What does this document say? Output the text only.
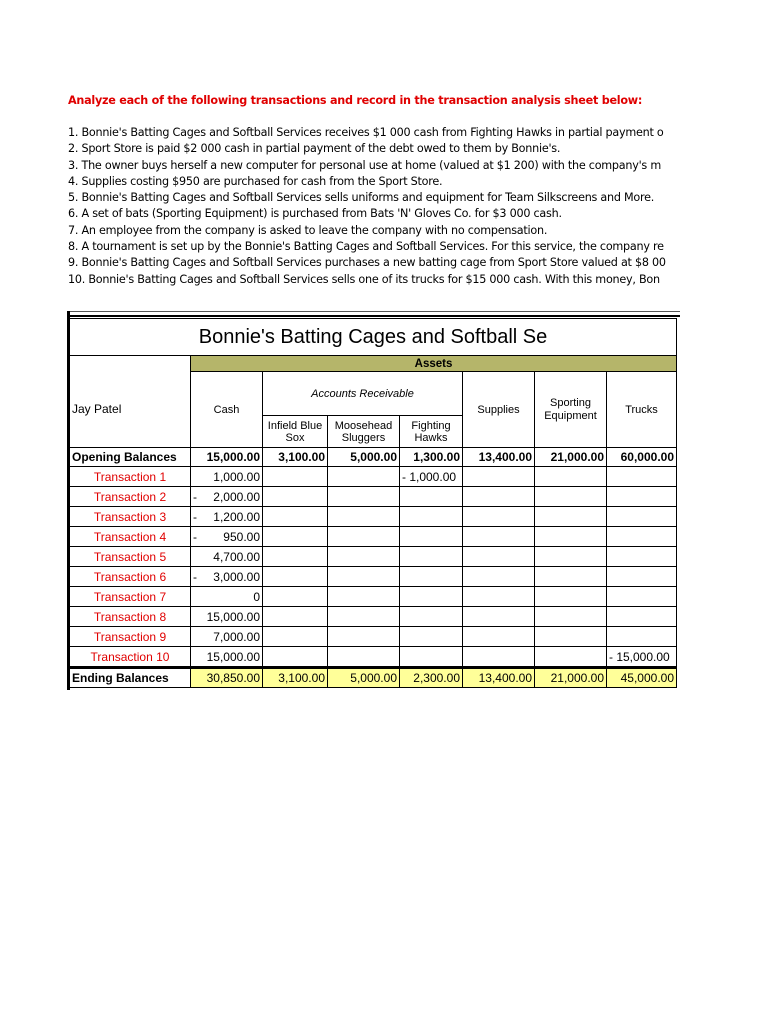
Analyze each of the following transactions and record in the transaction analysis sheet below:
1. Bonnie's Batting Cages and Softball Services receives $1 000 cash from Fighting Hawks in partial payment o
2. Sport Store is paid $2 000 cash in partial payment of the debt owed to them by Bonnie's.
3. The owner buys herself a new computer for personal use at home (valued at $1 200) with the company's m
4. Supplies costing $950 are purchased for cash from the Sport Store.
5. Bonnie's Batting Cages and Softball Services sells uniforms and equipment for Team Silkscreens and More.
6. A set of bats (Sporting Equipment) is purchased from Bats 'N' Gloves Co. for $3 000 cash.
7. An employee from the company is asked to leave the company with no compensation.
8. A tournament is set up by the Bonnie's Batting Cages and Softball Services. For this service, the company re
9. Bonnie's Batting Cages and Softball Services purchases a new batting cage from Sport Store valued at $8 00
10. Bonnie's Batting Cages and Softball Services sells one of its trucks for $15 000 cash. With this money, Bon
Bonnie's Batting Cages and Softball Se							
	Assets						
Jay Patel	Cash	Accounts Receivable			Supplies	Sporting Equipment	Trucks
		Infield Blue Sox	Moosehead Sluggers	Fighting Hawks			
Opening Balances	15,000.00	3,100.00	5,000.00	1,300.00	13,400.00	21,000.00	60,000.00
Transaction 1	1,000.00			- 1,000.00			
Transaction 2	- 2,000.00						

Transaction 3	- 1,200.00						

Transaction 4	- 950.00						

Transaction 5	4,700.00						

Transaction 6	- 3,000.00						

Transaction 7	0						

Transaction 8	15,000.00						

Transaction 9	7,000.00						

Transaction 10	15,000.00						- 15,000.00
Ending Balances	30,850.00	3,100.00	5,000.00	2,300.00	13,400.00	21,000.00	45,000.00
